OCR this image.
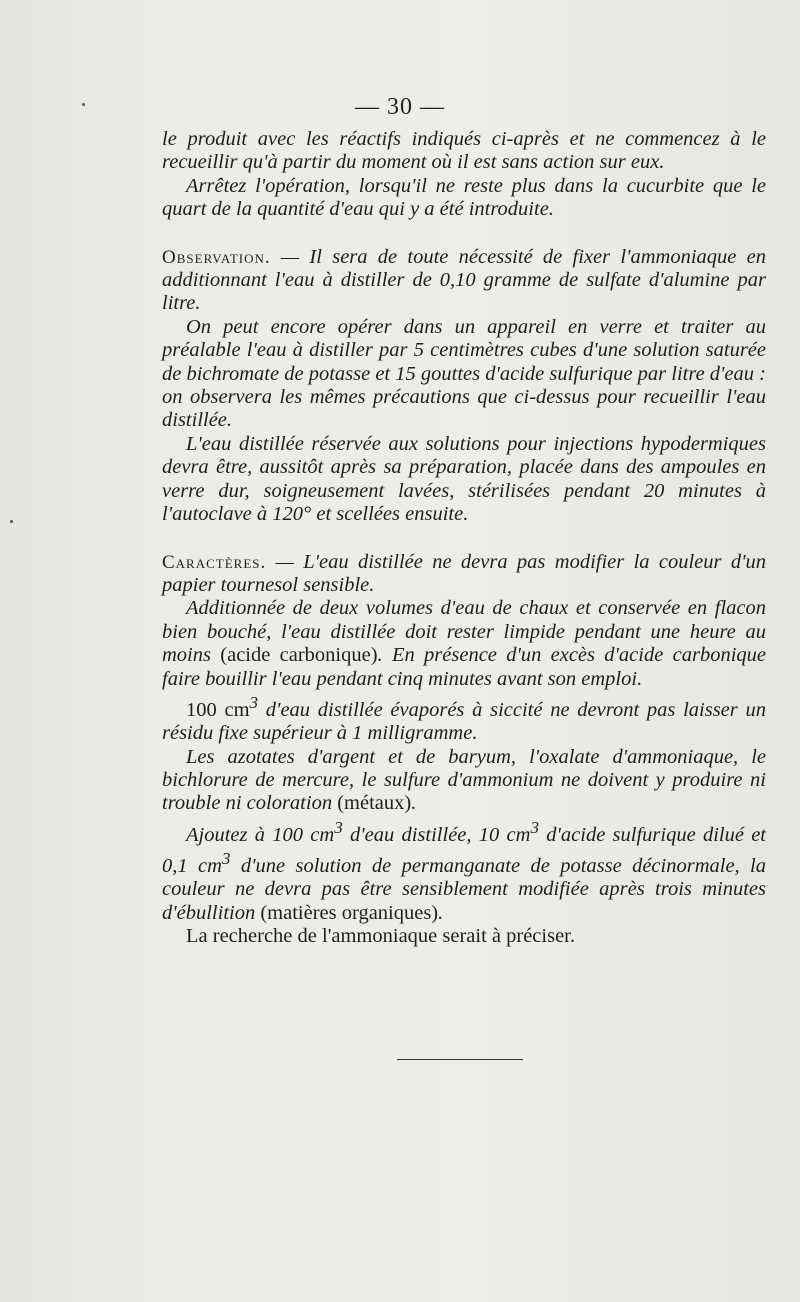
— 30 —

le produit avec les réactifs indiqués ci-après et ne commencez à le recueillir qu'à partir du moment où il est sans action sur eux.

Arrêtez l'opération, lorsqu'il ne reste plus dans la cucurbite que le quart de la quantité d'eau qui y a été introduite.

Observation. — Il sera de toute nécessité de fixer l'ammoniaque en additionnant l'eau à distiller de 0,10 gramme de sulfate d'alumine par litre.

On peut encore opérer dans un appareil en verre et traiter au préalable l'eau à distiller par 5 centimètres cubes d'une solution saturée de bichromate de potasse et 15 gouttes d'acide sulfurique par litre d'eau : on observera les mêmes précautions que ci-dessus pour recueillir l'eau distillée.

L'eau distillée réservée aux solutions pour injections hypodermiques devra être, aussitôt après sa préparation, placée dans des ampoules en verre dur, soigneusement lavées, stérilisées pendant 20 minutes à l'autoclave à 120° et scellées ensuite.

Caractères. — L'eau distillée ne devra pas modifier la couleur d'un papier tournesol sensible.

Additionnée de deux volumes d'eau de chaux et conservée en flacon bien bouché, l'eau distillée doit rester limpide pendant une heure au moins (acide carbonique). En présence d'un excès d'acide carbonique faire bouillir l'eau pendant cinq minutes avant son emploi.

100 $cm^3$ d'eau distillée évaporés à siccité ne devront pas laisser un résidu fixe supérieur à 1 milligramme.

Les azotates d'argent et de baryum, l'oxalate d'ammoniaque, le bichlorure de mercure, le sulfure d'ammonium ne doivent y produire ni trouble ni coloration (métaux).

Ajoutez à 100 $cm^3$ d'eau distillée, 10 $cm^3$ d'acide sulfurique dilué et 0,1 $cm^3$ d'une solution de permanganate de potasse décinormale, la couleur ne devra pas être sensiblement modifiée après trois minutes d'ébullition (matières organiques).

La recherche de l'ammoniaque serait à préciser.
